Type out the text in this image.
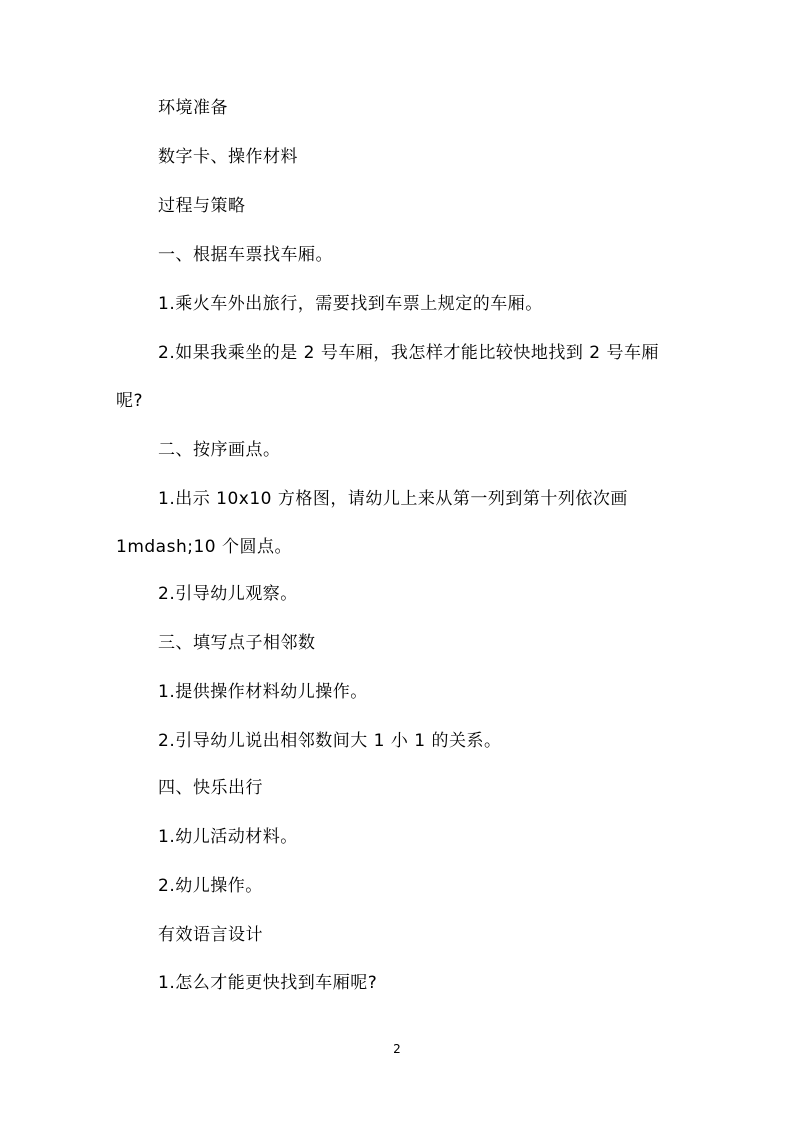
环境准备
数字卡、操作材料
过程与策略
一、根据车票找车厢。
1.乘火车外出旅行，需要找到车票上规定的车厢。
2.如果我乘坐的是 2 号车厢，我怎样才能比较快地找到 2 号车厢
呢?
二、按序画点。
1.出示 10x10 方格图，请幼儿上来从第一列到第十列依次画
1mdash;10 个圆点。
2.引导幼儿观察。
三、填写点子相邻数
1.提供操作材料幼儿操作。
2.引导幼儿说出相邻数间大 1 小 1 的关系。
四、快乐出行
1.幼儿活动材料。
2.幼儿操作。
有效语言设计
1.怎么才能更快找到车厢呢?
2
